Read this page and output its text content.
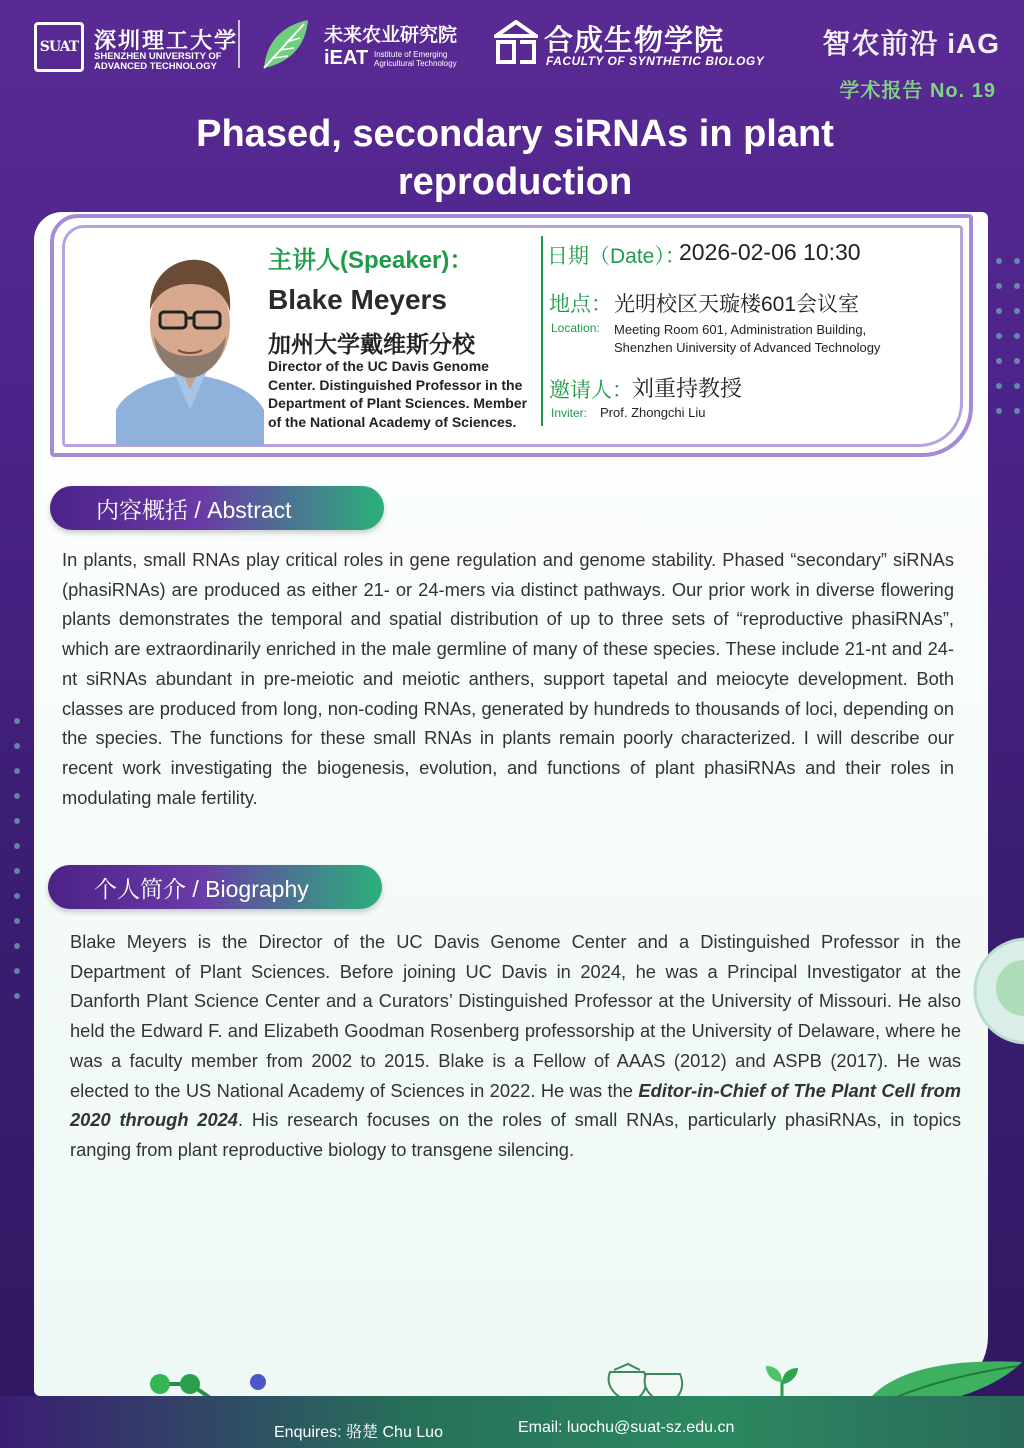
SUAT 深圳理工大学
SHENZHEN UNIVERSITY OF
ADVANCED TECHNOLOGY
未来农业研究院
iEAT Institute of Emerging
Agricultural Technology
合成生物学院
FACULTY OF SYNTHETIC BIOLOGY
智农前沿 iAG
学术报告 No. 19
Phased, secondary siRNAs in plant reproduction
主讲人(Speaker)：
Blake Meyers
加州大学戴维斯分校
Director of the UC Davis Genome Center. Distinguished Professor in the Department of Plant Sciences. Member of the National Academy of Sciences.
日期（Date）：
2026-02-06 10:30
地点： 光明校区天璇楼601会议室
Location: Meeting Room 601, Administration Building,
Shenzhen Uiniversity of Advanced Technology
邀请人： 刘重持教授
Inviter: Prof. Zhongchi Liu
内容概括 / Abstract
In plants, small RNAs play critical roles in gene regulation and genome stability. Phased “secondary” siRNAs (phasiRNAs) are produced as either 21- or 24-mers via distinct pathways. Our prior work in diverse flowering plants demonstrates the temporal and spatial distribution of up to three sets of “reproductive phasiRNAs”, which are extraordinarily enriched in the male germline of many of these species. These include 21-nt and 24-nt siRNAs abundant in pre-meiotic and meiotic anthers, support tapetal and meiocyte development. Both classes are produced from long, non-coding RNAs, generated by hundreds to thousands of loci, depending on the species. The functions for these small RNAs in plants remain poorly characterized. I will describe our recent work investigating the biogenesis, evolution, and functions of plant phasiRNAs and their roles in modulating male fertility.
个人简介 / Biography
Blake Meyers is the Director of the UC Davis Genome Center and a Distinguished Professor in the Department of Plant Sciences. Before joining UC Davis in 2024, he was a Principal Investigator at the Danforth Plant Science Center and a Curators’ Distinguished Professor at the University of Missouri. He also held the Edward F. and Elizabeth Goodman Rosenberg professorship at the University of Delaware, where he was a faculty member from 2002 to 2015. Blake is a Fellow of AAAS (2012) and ASPB (2017). He was elected to the US National Academy of Sciences in 2022. He was the Editor-in-Chief of The Plant Cell from 2020 through 2024. His research focuses on the roles of small RNAs, particularly phasiRNAs, in topics ranging from plant reproductive biology to transgene silencing.
Enquires: 骆楚 Chu Luo	Email: luochu@suat-sz.edu.cn
